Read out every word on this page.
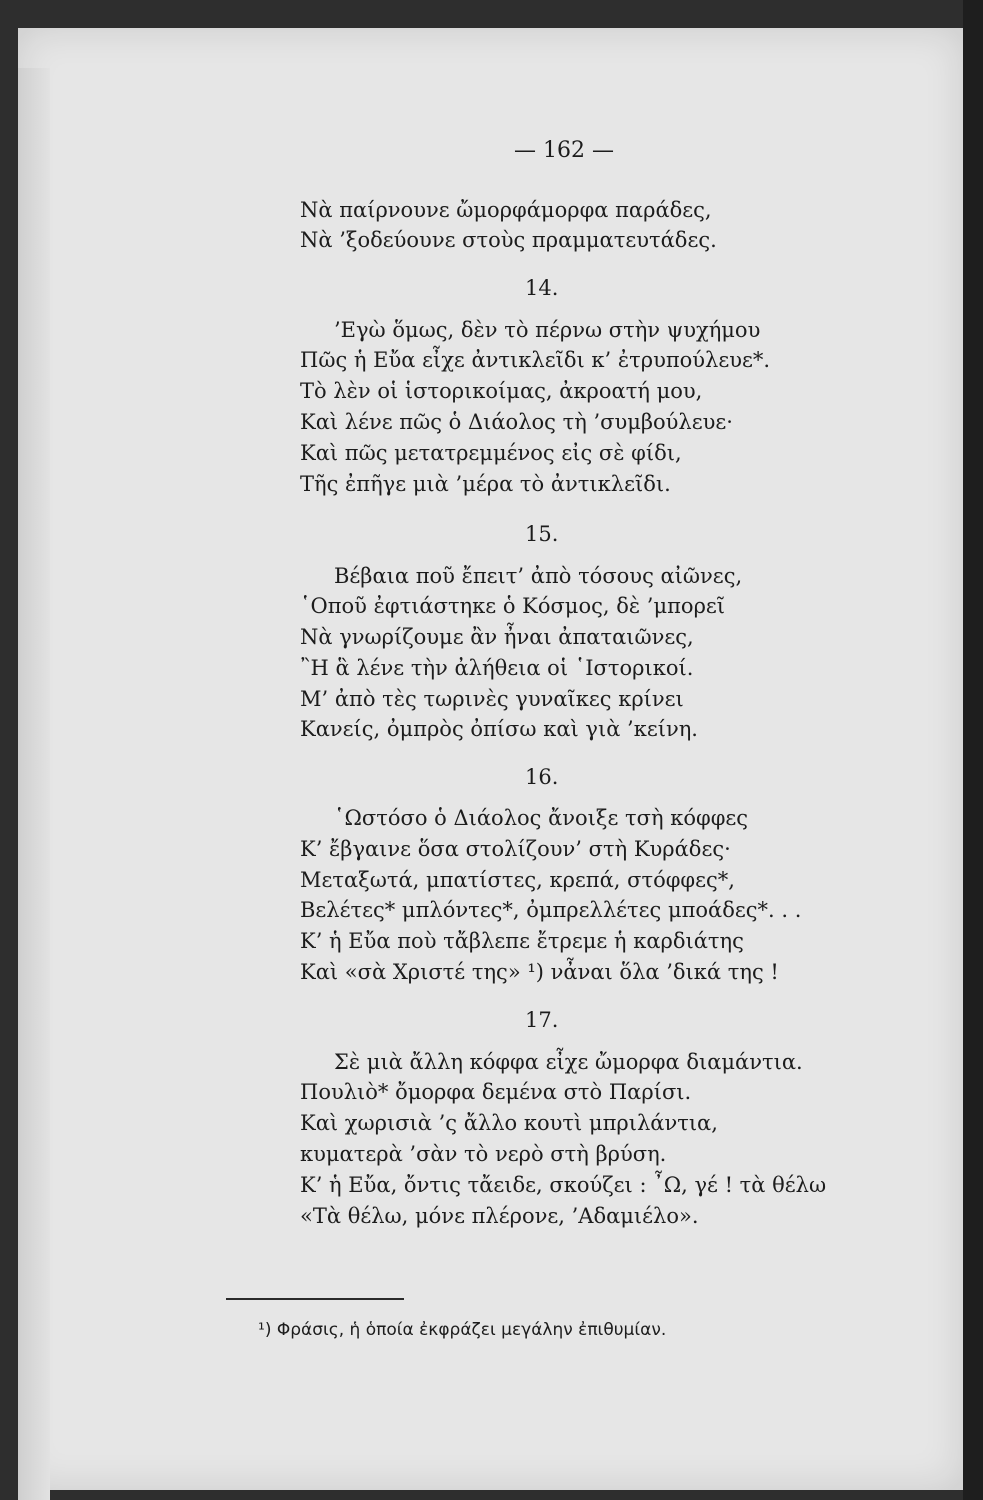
— 162 —
Νὰ παίρνουνε ὤμορφάμορφα παράδες,
Νὰ ’ξοδεύουνε στοὺς πραμματευτάδες.
14.
’Εγὼ ὅμως, δὲν τὸ πέρνω στὴν ψυχήμου
Πῶς ἡ Εὔα εἶχε ἀντικλεῖδι κ’ ἐτρυπούλευε*.
Τὸ λὲν οἱ ἱστορικοίμας, ἀκροατή μου,
Καὶ λένε πῶς ὁ Διάολος τὴ ’συμβούλευε·
Καὶ πῶς μετατρεμμένος εἰς σὲ φίδι,
Τῆς ἐπῆγε μιὰ ’μέρα τὸ ἀντικλεῖδι.
15.
Βέβαια ποῦ ἔπειτ’ ἀπὸ τόσους αἰῶνες,
῾Οποῦ ἐφτιάστηκε ὁ Κόσμος, δὲ ’μπορεῖ
Νὰ γνωρίζουμε ἂν ἦναι ἀπαταιῶνες,
῍Η ἃ λένε τὴν ἀλήθεια οἱ ῾Ιστορικοί.
Μ’ ἀπὸ τὲς τωρινὲς γυναῖκες κρίνει
Κανείς, ὀμπρὸς ὀπίσω καὶ γιὰ ’κείνη.
16.
῾Ωστόσο ὁ Διάολος ἄνοιξε τσὴ κόφφες
Κ’ ἔβγαινε ὅσα στολίζουν’ στὴ Κυράδες·
Μεταξωτά, μπατίστες, κρεπά, στόφφες*,
Βελέτες* μπλόντες*, ὀμπρελλέτες μποάδες*. . .
Κ’ ἡ Εὔα ποὺ τἄβλεπε ἔτρεμε ἡ καρδιάτης
Καὶ «σὰ Χριστέ της» ¹) νἆναι ὅλα ’δικά της !
17.
Σὲ μιὰ ἄλλη κόφφα εἶχε ὤμορφα διαμάντια.
Πουλιὸ* ὄμορφα δεμένα στὸ Παρίσι.
Καὶ χωρισιὰ ’ς ἄλλο κουτὶ μπριλάντια,
κυματερὰ ’σὰν τὸ νερὸ στὴ βρύση.
Κ’ ἡ Εὔα, ὄντις τἄειδε, σκούζει : ῏Ω, γέ ! τὰ θέλω
«Τὰ θέλω, μόνε πλέρονε, ’Αδαμιέλο».
¹) Φράσις, ἡ ὁποία ἐκφράζει μεγάλην ἐπιθυμίαν.
